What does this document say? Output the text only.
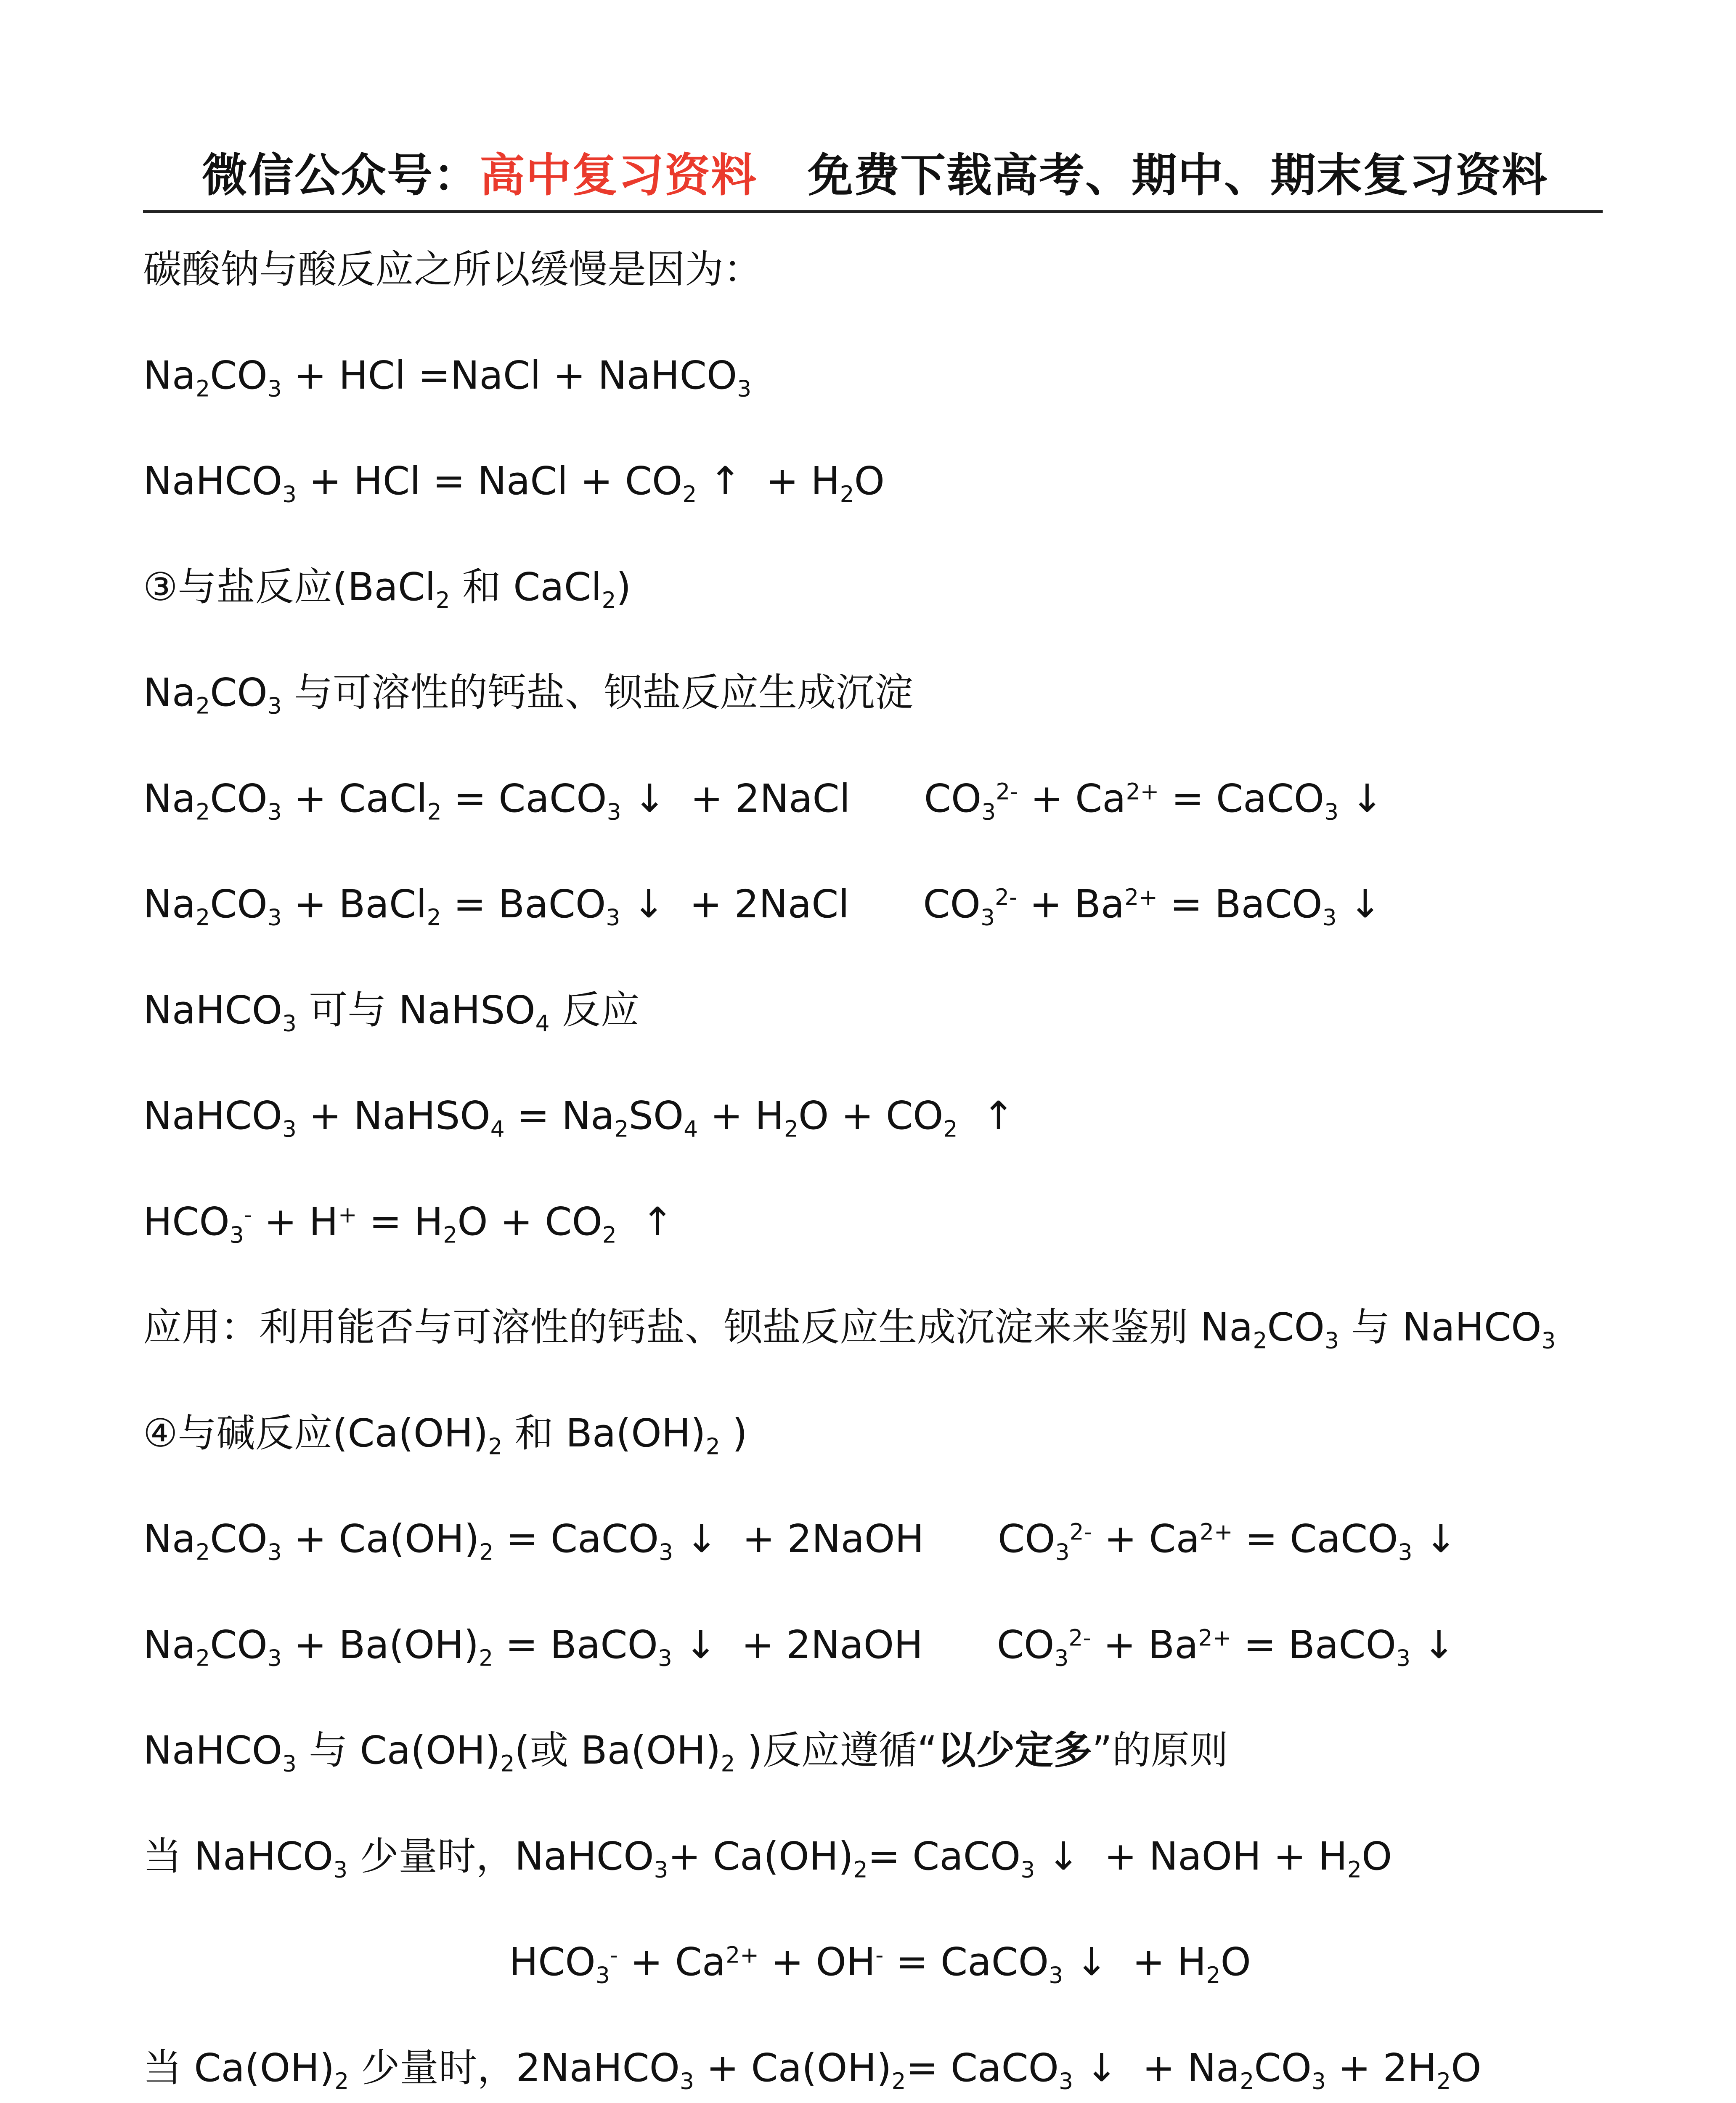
微信公众号：高中复习资料 免费下载高考、期中、期末复习资料
碳酸钠与酸反应之所以缓慢是因为：
$Na_2CO_3$ + HCl =NaCl + NaHCO$_3$
NaHCO$_3$ + HCl = NaCl + $CO_2$ ↑  + $H_2O$
③与盐反应(BaCl$_2$ 和 CaCl$_2$)
$Na_2CO_3$ 与可溶性的钙盐、钡盐反应生成沉淀
$Na_2CO_3$ + CaCl$_2$ = CaCO$_3$ ↓  + 2NaCl      $CO_3^{2-} + Ca^{2+}$ = CaCO$_3$ ↓
$Na_2CO_3$ + BaCl$_2$ = BaCO$_3$ ↓  + 2NaCl      $CO_3^{2-} + Ba^{2+}$ = BaCO$_3$ ↓
NaHCO$_3$ 可与 NaHSO$_4$ 反应
NaHCO$_3$ + NaHSO$_4$ = $Na_2SO_4 + H_2O + CO_2$  ↑
$HCO_3^- + H^+ = H_2O + CO_2$  ↑
应用：利用能否与可溶性的钙盐、钡盐反应生成沉淀来来鉴别 $Na_2CO_3$ 与 NaHCO$_3$
④与碱反应($Ca(OH)_2$ 和 $Ba(OH)_2$ )
$Na_2CO_3 + Ca(OH)_2$ = CaCO$_3$ ↓  + 2NaOH      $CO_3^{2-} + Ca^{2+}$ = CaCO$_3$ ↓
$Na_2CO_3 + Ba(OH)_2$ = BaCO$_3$ ↓  + 2NaOH      $CO_3^{2-} + Ba^{2+}$ = BaCO$_3$ ↓
NaHCO$_3$ 与 $Ca(OH)_2$(或 $Ba(OH)_2$ )反应遵循“以少定多”的原则
当 NaHCO$_3$ 少量时，NaHCO$_3$+ $Ca(OH)_2=$ CaCO$_3$ ↓  + NaOH + $H_2O$
$HCO_3^- + Ca^{2+} + OH^-$ = CaCO$_3$ ↓  + $H_2O$
当 $Ca(OH)_2$ 少量时，2NaHCO$_3$ + $Ca(OH)_2=$ CaCO$_3$ ↓  + $Na_2CO_3 + 2H_2O$
